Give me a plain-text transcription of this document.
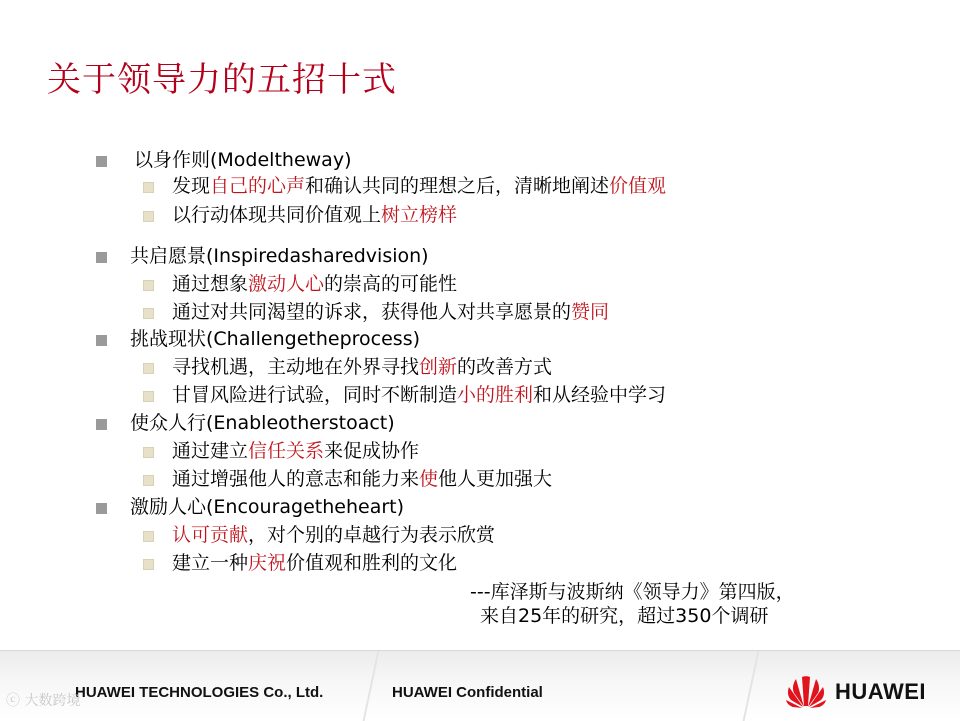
关于领导力的五招十式
以身作则(Modeltheway)
发现自己的心声和确认共同的理想之后，清晰地阐述价值观
以行动体现共同价值观上树立榜样
共启愿景(Inspiredasharedvision)
通过想象激动人心的崇高的可能性
通过对共同渴望的诉求，获得他人对共享愿景的赞同
挑战现状(Challengetheprocess)
寻找机遇，主动地在外界寻找创新的改善方式
甘冒风险进行试验，同时不断制造小的胜利和从经验中学习
使众人行(Enableotherstoact)
通过建立信任关系来促成协作
通过增强他人的意志和能力来使他人更加强大
激励人心(Encouragetheheart)
认可贡献，对个别的卓越行为表示欣赏
建立一种庆祝价值观和胜利的文化
---库泽斯与波斯纳《领导力》第四版，
来自25年的研究，超过350个调研
HUAWEI TECHNOLOGIES Co., Ltd.	HUAWEI Confidential	HUAWEI
ⓒ 大数跨境
